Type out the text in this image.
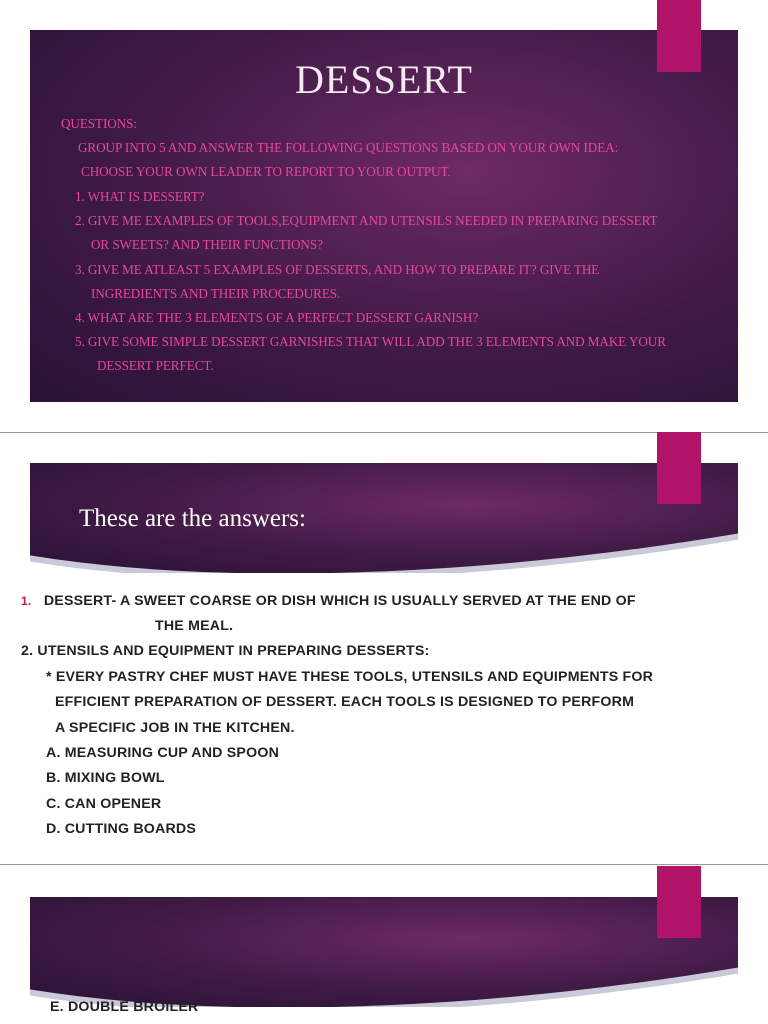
DESSERT
QUESTIONS:
GROUP INTO 5 AND ANSWER THE FOLLOWING QUESTIONS BASED ON YOUR OWN IDEA:
CHOOSE YOUR OWN LEADER TO REPORT TO YOUR OUTPUT.
1. WHAT IS DESSERT?
2. GIVE ME EXAMPLES OF TOOLS,EQUIPMENT AND UTENSILS NEEDED IN PREPARING DESSERT
OR SWEETS? AND THEIR FUNCTIONS?
3. GIVE ME ATLEAST 5 EXAMPLES OF DESSERTS, AND HOW TO PREPARE IT? GIVE THE
INGREDIENTS AND THEIR PROCEDURES.
4. WHAT ARE THE 3 ELEMENTS OF A PERFECT DESSERT GARNISH?
5. GIVE SOME SIMPLE DESSERT GARNISHES THAT WILL ADD THE 3 ELEMENTS AND MAKE YOUR
DESSERT PERFECT.
These are the answers:
1. DESSERT- A SWEET COARSE OR DISH WHICH IS USUALLY SERVED AT THE END OF
THE MEAL.
2. UTENSILS AND EQUIPMENT IN PREPARING DESSERTS:
* EVERY PASTRY CHEF MUST HAVE THESE TOOLS, UTENSILS AND EQUIPMENTS FOR
EFFICIENT PREPARATION OF DESSERT. EACH TOOLS IS DESIGNED TO PERFORM
A SPECIFIC JOB IN THE KITCHEN.
A. MEASURING CUP AND SPOON
B. MIXING BOWL
C. CAN OPENER
D. CUTTING BOARDS
E. DOUBLE BROILER
